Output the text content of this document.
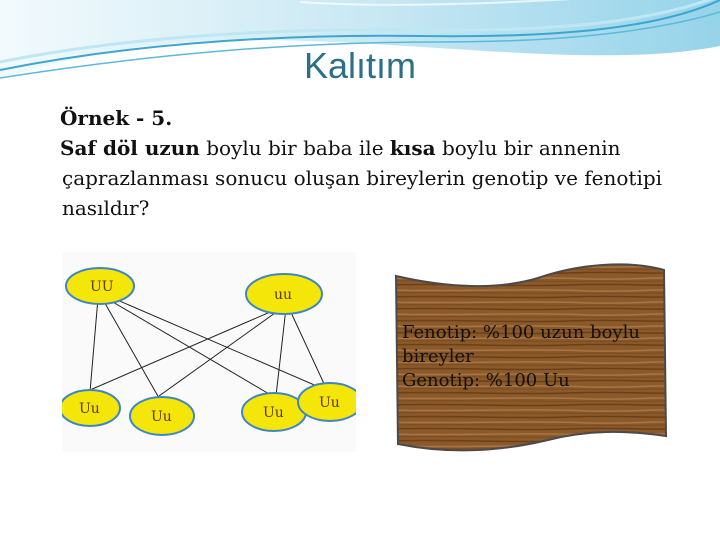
Kalıtım
Örnek - 5.
Saf döl uzun boylu bir baba ile kısa boylu bir annenin
çaprazlanması sonucu oluşan bireylerin genotip ve fenotipi
nasıldır?
UU	uu
Uu	Uu	Uu
Uu
Fenotip: %100 uzun boylu
bireyler
Genotip: %100 Uu
